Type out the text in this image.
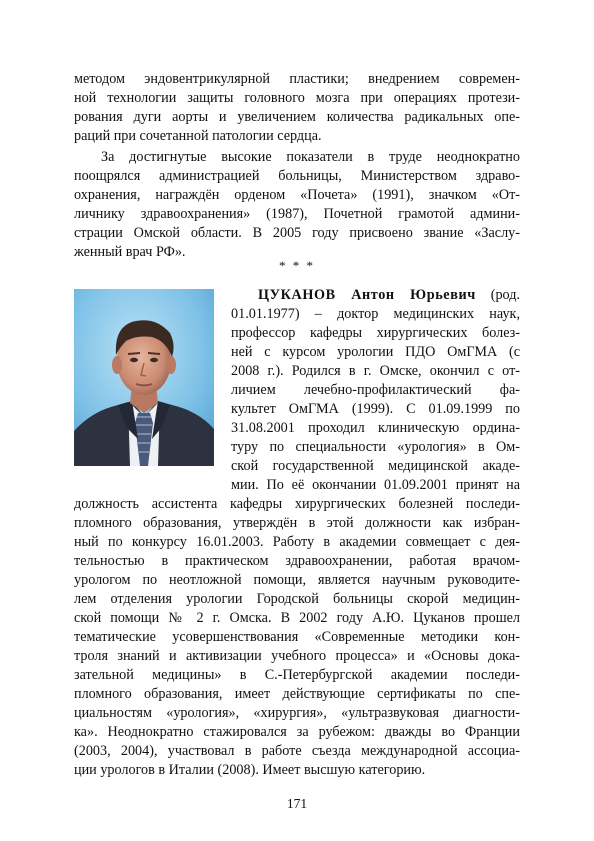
методом эндовентрикулярной пластики; внедрением современ-
ной технологии защиты головного мозга при операциях протези-
рования дуги аорты и увеличением количества радикальных опе-
раций при сочетанной патологии сердца.
За достигнутые высокие показатели в труде неоднократно
поощрялся администрацией больницы, Министерством здраво-
охранения, награждён орденом «Почета» (1991), значком «От-
личнику здравоохранения» (1987), Почетной грамотой админи-
страции Омской области. В 2005 году присвоено звание «Заслу-
женный врач РФ».
* * *
ЦУКАНОВ Антон Юрьевич (род.
01.01.1977) – доктор медицинских наук,
профессор кафедры хирургических болез-
ней с курсом урологии ПДО ОмГМА (с
2008 г.). Родился в г. Омске, окончил с от-
личием лечебно-профилактический фа-
культет ОмГМА (1999). С 01.09.1999 по
31.08.2001 проходил клиническую ордина-
туру по специальности «урология» в Ом-
ской государственной медицинской акаде-
мии. По её окончании 01.09.2001 принят на
должность ассистента кафедры хирургических болезней последи-
пломного образования, утверждён в этой должности как избран-
ный по конкурсу 16.01.2003. Работу в академии совмещает с дея-
тельностью в практическом здравоохранении, работая врачом-
урологом по неотложной помощи, является научным руководите-
лем отделения урологии Городской больницы скорой медицин-
ской помощи № 2 г. Омска. В 2002 году А.Ю. Цуканов прошел
тематические усовершенствования «Современные методики кон-
троля знаний и активизации учебного процесса» и «Основы дока-
зательной медицины» в С.-Петербургской академии последи-
пломного образования, имеет действующие сертификаты по спе-
циальностям «урология», «хирургия», «ультразвуковая диагности-
ка». Неоднократно стажировался за рубежом: дважды во Франции
(2003, 2004), участвовал в работе съезда международной ассоциа-
ции урологов в Италии (2008). Имеет высшую категорию.
171
